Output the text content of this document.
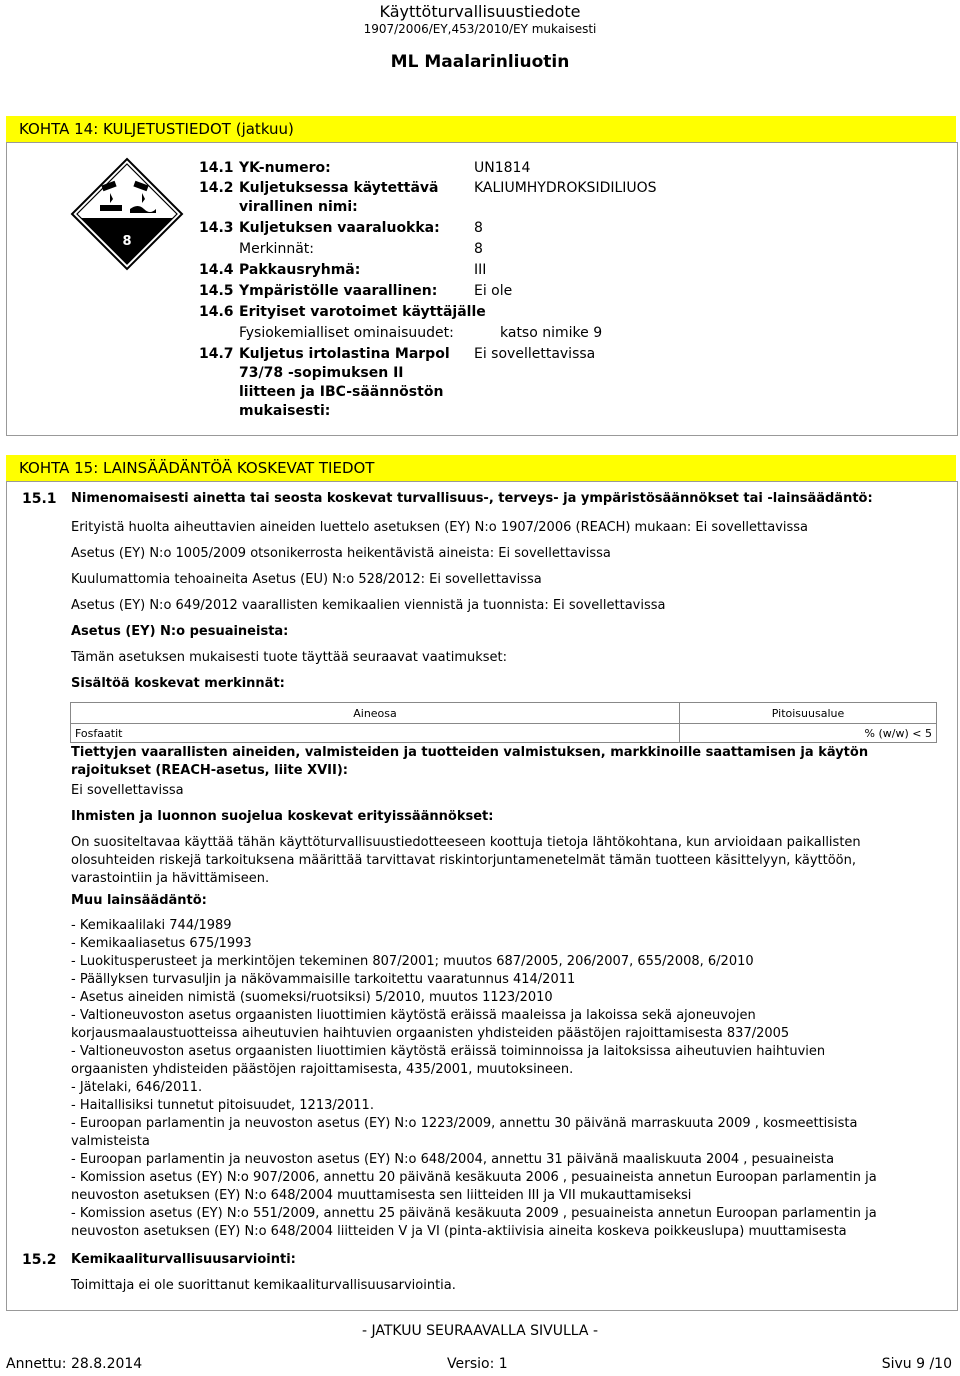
Käyttöturvallisuustiedote
1907/2006/EY,453/2010/EY mukaisesti
ML Maalarinliuotin
KOHTA 14: KULJETUSTIEDOT (jatkuu)
8
14.1 YK-numero:	UN1814
14.2 Kuljetuksessa käytettävä
virallinen nimi:
KALIUMHYDROKSIDILIUOS
14.3 Kuljetuksen vaaraluokka: 8
Merkinnät:	8
14.4 Pakkausryhmä:	III
14.5 Ympäristölle vaarallinen:	Ei ole
14.6 Erityiset varotoimet käyttäjälle
Fysiokemialliset ominaisuudet:	katso nimike 9
14.7 Kuljetus irtolastina Marpol
73/78 -sopimuksen II
liitteen ja IBC-säännöstön
mukaisesti:
Ei sovellettavissa
KOHTA 15: LAINSÄÄDÄNTÖÄ KOSKEVAT TIEDOT
15.1 Nimenomaisesti ainetta tai seosta koskevat turvallisuus-, terveys- ja ympäristösäännökset tai -lainsäädäntö:
Erityistä huolta aiheuttavien aineiden luettelo asetuksen (EY) N:o 1907/2006 (REACH) mukaan: Ei sovellettavissa
Asetus (EY) N:o 1005/2009 otsonikerrosta heikentävistä aineista: Ei sovellettavissa
Kuulumattomia tehoaineita Asetus (EU) N:o 528/2012: Ei sovellettavissa
Asetus (EY) N:o 649/2012 vaarallisten kemikaalien viennistä ja tuonnista: Ei sovellettavissa
Asetus (EY) N:o pesuaineista:
Tämän asetuksen mukaisesti tuote täyttää seuraavat vaatimukset:
Sisältöä koskevat merkinnät:
Aineosa	Pitoisuusalue
Fosfaatit	% (w/w) < 5
Tiettyjen vaarallisten aineiden, valmisteiden ja tuotteiden valmistuksen, markkinoille saattamisen ja käytön rajoitukset (REACH-asetus, liite XVII):
Ei sovellettavissa
Ihmisten ja luonnon suojelua koskevat erityissäännökset:
On suositeltavaa käyttää tähän käyttöturvallisuustiedotteeseen koottuja tietoja lähtökohtana, kun arvioidaan paikallisten olosuhteiden riskejä tarkoituksena määrittää tarvittavat riskintorjuntamenetelmät tämän tuotteen käsittelyyn, käyttöön, varastointiin ja hävittämiseen.
Muu lainsäädäntö:
- Kemikaalilaki 744/1989
- Kemikaaliasetus 675/1993
- Luokitusperusteet ja merkintöjen tekeminen 807/2001; muutos 687/2005, 206/2007, 655/2008, 6/2010
- Päällyksen turvasuljin ja näkövammaisille tarkoitettu vaaratunnus 414/2011
- Asetus aineiden nimistä (suomeksi/ruotsiksi) 5/2010, muutos 1123/2010
- Valtioneuvoston asetus orgaanisten liuottimien käytöstä eräissä maaleissa ja lakoissa sekä ajoneuvojen korjausmaalaustuotteissa aiheutuvien haihtuvien orgaanisten yhdisteiden päästöjen rajoittamisesta 837/2005
- Valtioneuvoston asetus orgaanisten liuottimien käytöstä eräissä toiminnoissa ja laitoksissa aiheutuvien haihtuvien orgaanisten yhdisteiden päästöjen rajoittamisesta, 435/2001, muutoksineen.
- Jätelaki, 646/2011.
- Haitallisiksi tunnetut pitoisuudet, 1213/2011.
- Euroopan parlamentin ja neuvoston asetus (EY) N:o 1223/2009, annettu 30 päivänä marraskuuta 2009 , kosmeettisista valmisteista
- Euroopan parlamentin ja neuvoston asetus (EY) N:o 648/2004, annettu 31 päivänä maaliskuuta 2004 , pesuaineista
- Komission asetus (EY) N:o 907/2006, annettu 20 päivänä kesäkuuta 2006 , pesuaineista annetun Euroopan parlamentin ja neuvoston asetuksen (EY) N:o 648/2004 muuttamisesta sen liitteiden III ja VII mukauttamiseksi
- Komission asetus (EY) N:o 551/2009, annettu 25 päivänä kesäkuuta 2009 , pesuaineista annetun Euroopan parlamentin ja neuvoston asetuksen (EY) N:o 648/2004 liitteiden V ja VI (pinta-aktiivisia aineita koskeva poikkeuslupa) muuttamisesta
15.2 Kemikaaliturvallisuusarviointi:
Toimittaja ei ole suorittanut kemikaaliturvallisuusarviointia.
- JATKUU SEURAAVALLA SIVULLA -
Annettu: 28.8.2014	Versio: 1	Sivu 9 /10
